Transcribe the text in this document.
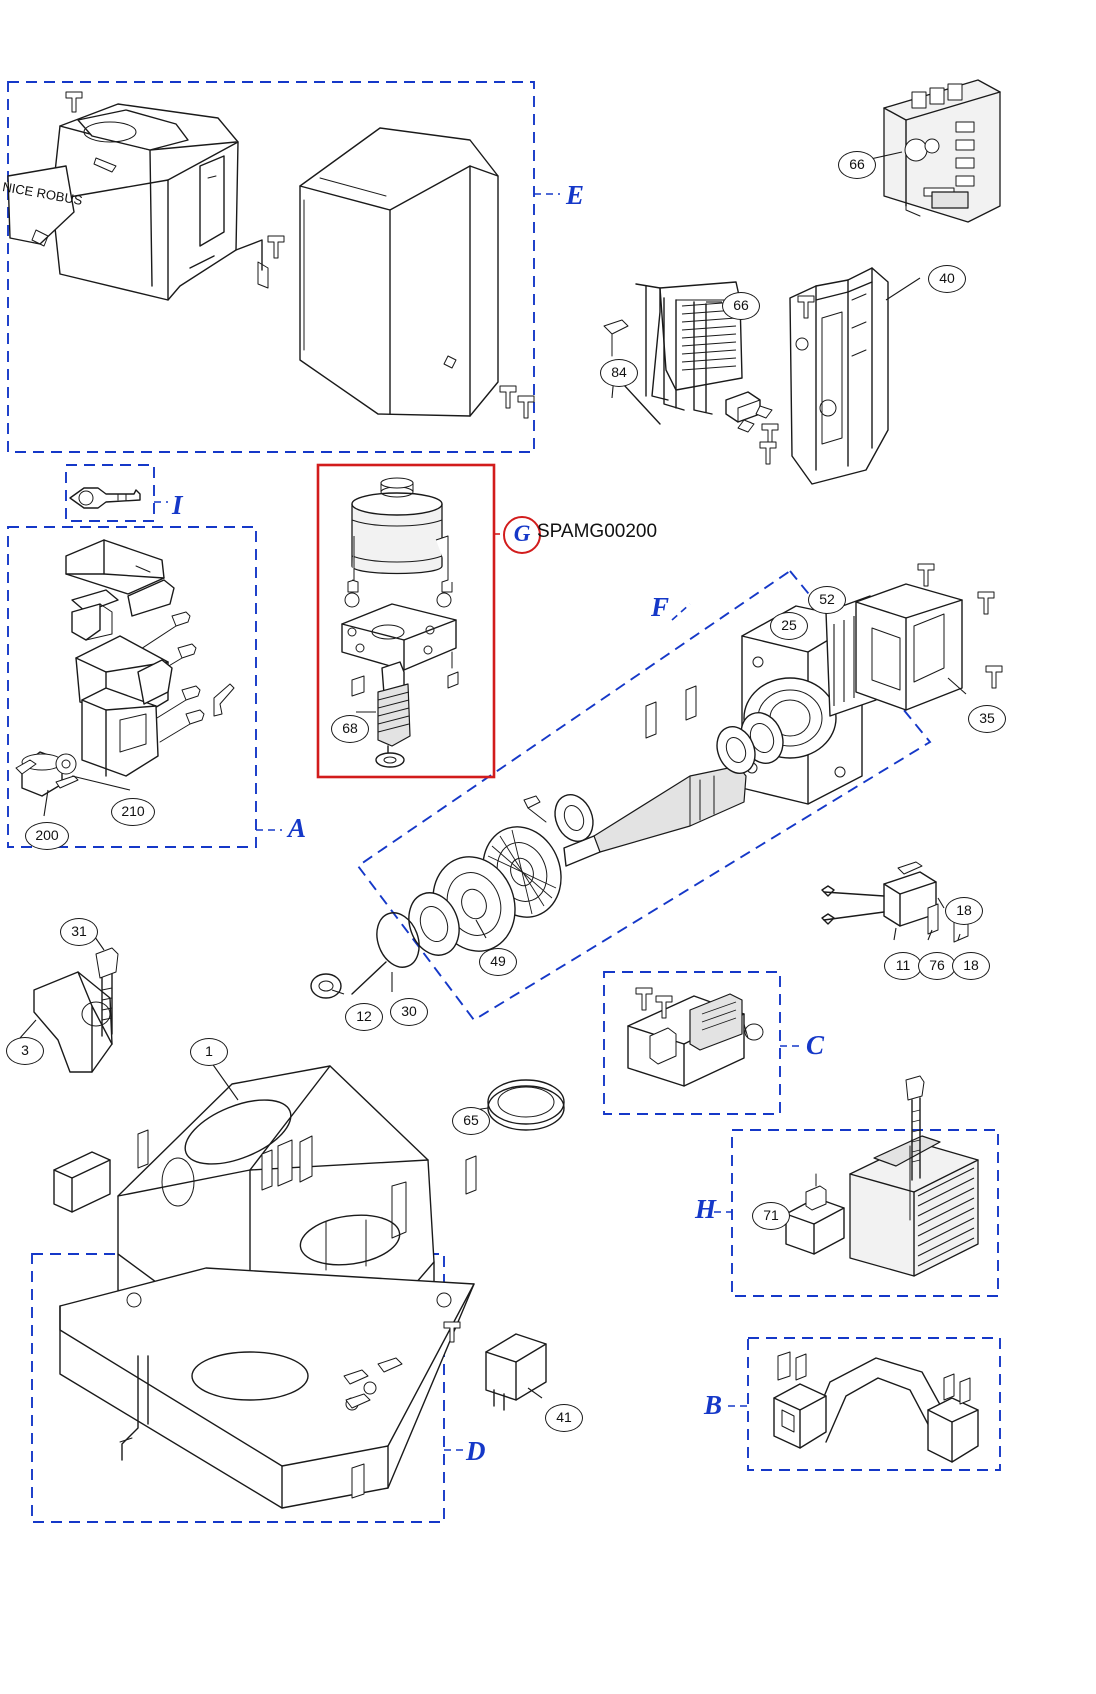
E
I
A
F
C
H
B
D
G SPAMG00200
NICE ROBUS
66
66
40
84
68
52
25
35
49
30
12
18
11	76	18
200
210
31
3	1
65
71
41
